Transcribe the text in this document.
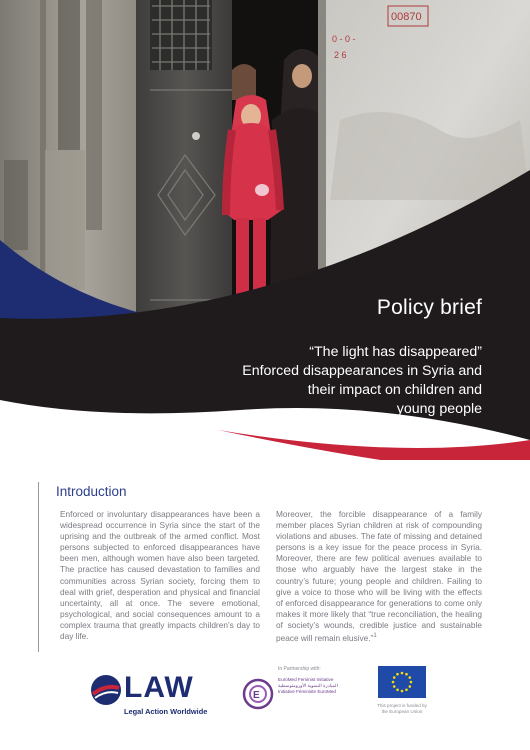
00870
0 - 0 -
2 6
Policy brief
“The light has disappeared”
Enforced disappearances in Syria and
their impact on children and
young people
Introduction
Enforced or involuntary disappearances have been a widespread occurrence in Syria since the start of the uprising and the outbreak of the armed conflict. Most persons subjected to enforced disappearances have been men, although women have also been targeted. The practice has caused devastation to families and communities across Syrian society, forcing them to deal with grief, desperation and physical and financial uncertainty, all at once. The severe emotional, psychological, and social consequences amount to a complex trauma that greatly impacts children’s day to day life.
Moreover, the forcible disappearance of a family member places Syrian children at risk of compounding violations and abuses. The fate of missing and detained persons is a key issue for the peace process in Syria. Moreover, there are few political avenues available to those who arguably have the largest stake in the country’s future; young people and children. Failing to give a voice to those who will be living with the effects of enforced disappearance for generations to come only makes it more likely that “true reconciliation, the healing of society’s wounds, credible justice and sustainable peace will remain elusive.”$^1$
LAW
Legal Action Worldwide
In Partnership with:
E
EuroMed Feminist Initiative
المبادرة النسوية الأورومتوسطية
Initiative Féministe EuroMed
This project is funded by
the European Union
